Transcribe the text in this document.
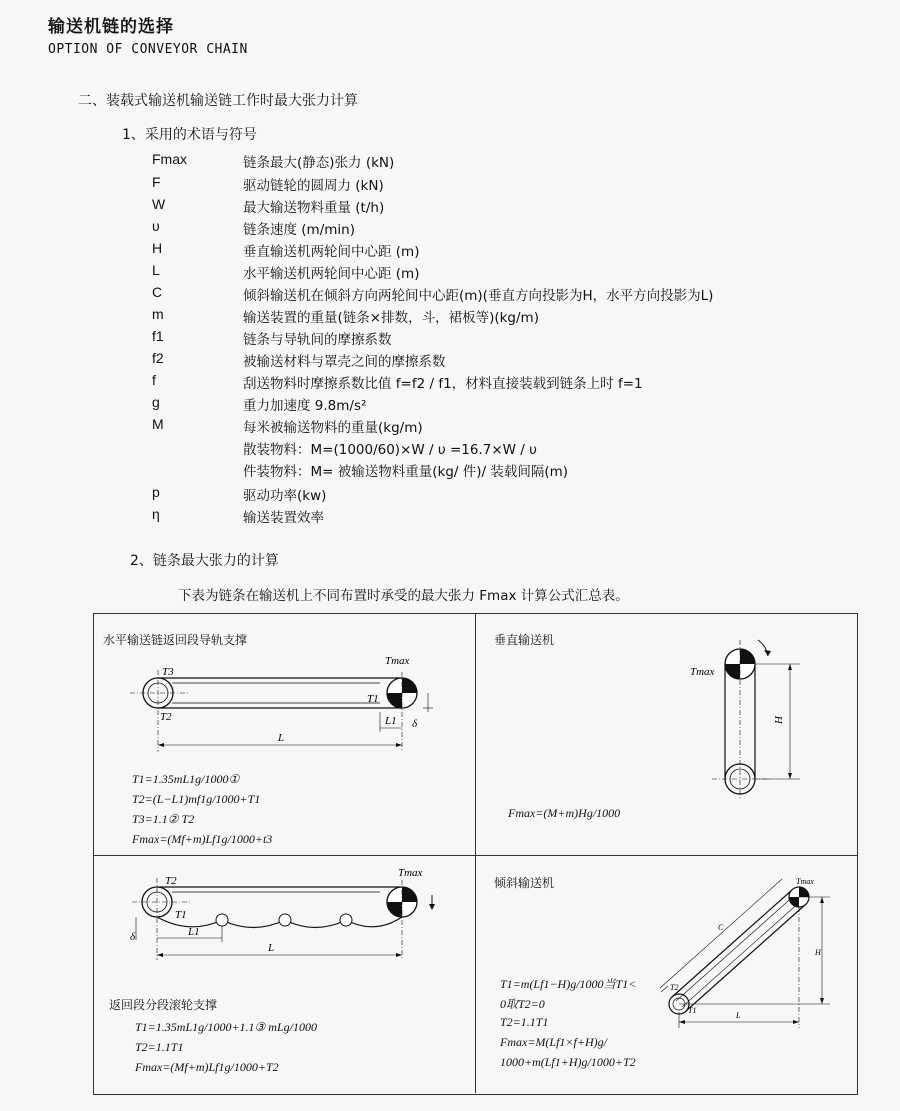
输送机链的选择
OPTION OF CONVEYOR CHAIN
二、装载式输送机输送链工作时最大张力计算
1、采用的术语与符号
Fmax	链条最大(静态)张力 (kN)
F	驱动链轮的圆周力 (kN)
W	最大输送物料重量 (t/h)
υ	链条速度 (m/min)
H	垂直输送机两轮间中心距 (m)
L	水平输送机两轮间中心距 (m)
C	倾斜输送机在倾斜方向两轮间中心距(m)(垂直方向投影为H，水平方向投影为L)
m	输送装置的重量(链条×排数，斗，裙板等)(kg/m)
f1	链条与导轨间的摩擦系数
f2	被输送材料与罩壳之间的摩擦系数
f	刮送物料时摩擦系数比值 f=f2 / f1，材料直接装载到链条上时 f=1
g	重力加速度 9.8m/s²
M	每米被输送物料的重量(kg/m)
散装物料：M=(1000/60)×W / υ =16.7×W / υ
件装物料：M= 被输送物料重量(kg/ 件)/ 装载间隔(m)
p	驱动功率(kw)
η	输送装置效率
2、链条最大张力的计算
下表为链条在输送机上不同布置时承受的最大张力 Fmax 计算公式汇总表。
水平输送链返回段导轨支撑
T3
T2
Tmax
T1
L1
L
δ
T1=1.35mL1g/1000①
T2=(L−L1)mf1g/1000+T1
T3=1.1② T2
Fmax=(Mf+m)Lf1g/1000+t3
垂直输送机
Tmax
H
Fmax=(M+m)Hg/1000
T2
T1
Tmax
L1
L
δ
返回段分段滚轮支撑
T1=1.35mL1g/1000+1.1③ mLg/1000
T2=1.1T1
Fmax=(Mf+m)Lf1g/1000+T2
倾斜输送机	Tmax
C
H
L
T2
T1
T1=m(Lf1−H)g/1000当T1<
0取T2=0
T2=1.1T1
Fmax=M(Lf1×f+H)g/
1000+m(Lf1+H)g/1000+T2
